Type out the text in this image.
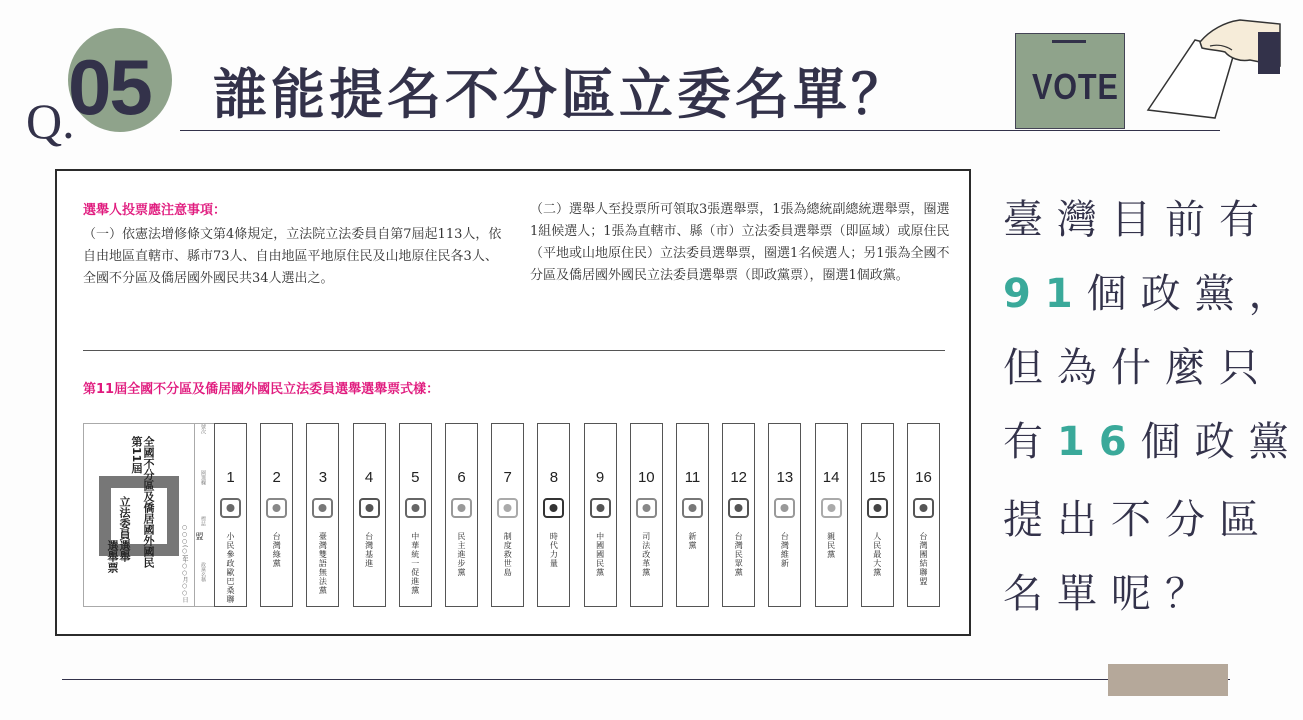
Q.
05 誰能提名不分區立委名單？	VOTE
選舉人投票應注意事項：
（一）依憲法增修條文第4條規定，立法院立法委員自第7屆起113人，依自由地區直轄市、縣市73人、自由地區平地原住民及山地原住民各3人、全國不分區及僑居國外國民共34人選出之。
（二）選舉人至投票所可領取3張選舉票，1張為總統副總統選舉票，圈選1組候選人；1張為直轄市、縣（市）立法委員選舉票（即區域）或原住民（平地或山地原住民）立法委員選舉票，圈選1名候選人；另1張為全國不分區及僑居國外國民立法委員選舉票（即政黨票），圈選1個政黨。
第11屆全國不分區及僑居國外國民立法委員選舉選舉票式樣：
第11屆 全國不分區及僑居國外國民
立法委員選舉
選舉票	○○○(○)年○○月○○日
號次
圈選欄
標誌
政黨名稱
1
小民參政歐巴桑聯盟
2
台灣綠黨
3
臺灣雙語無法黨
4
台灣基進
5
中華統一促進黨
6
民主進步黨
7
制度救世島
8
時代力量
9
中國國民黨
10
司法改革黨
11
新黨
12
台灣民眾黨
13
台灣維新
14
親民黨
15
人民最大黨
16
台灣團結聯盟
臺灣目前有
91個政黨，
但為什麼只
有16個政黨
提出不分區
名單呢？
